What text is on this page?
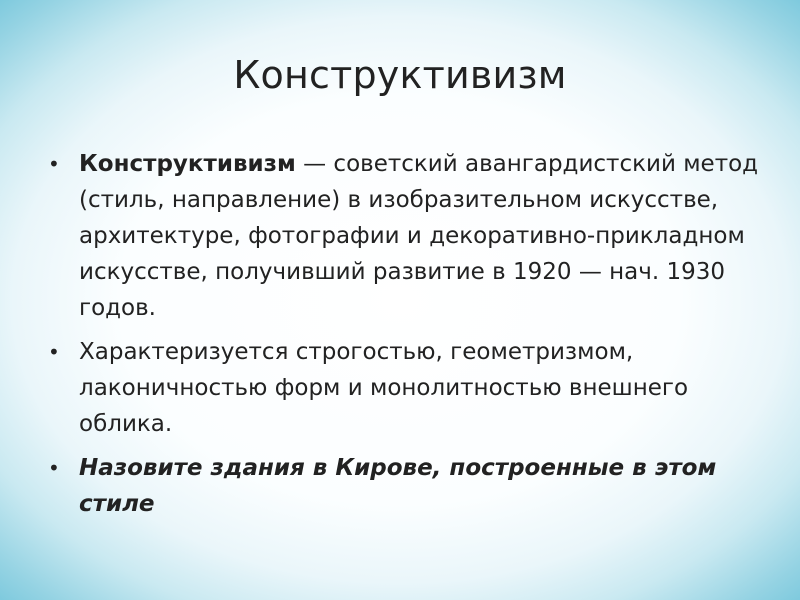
Конструктивизм
• Конструктивизм — советский авангардистский метод (стиль, направление) в изобразительном искусстве, архитектуре, фотографии и декоративно-прикладном искусстве, получивший развитие в 1920 — нач. 1930 годов.
• Характеризуется строгостью, геометризмом, лаконичностью форм и монолитностью внешнего облика.
• Назовите здания в Кирове, построенные в этом стиле
